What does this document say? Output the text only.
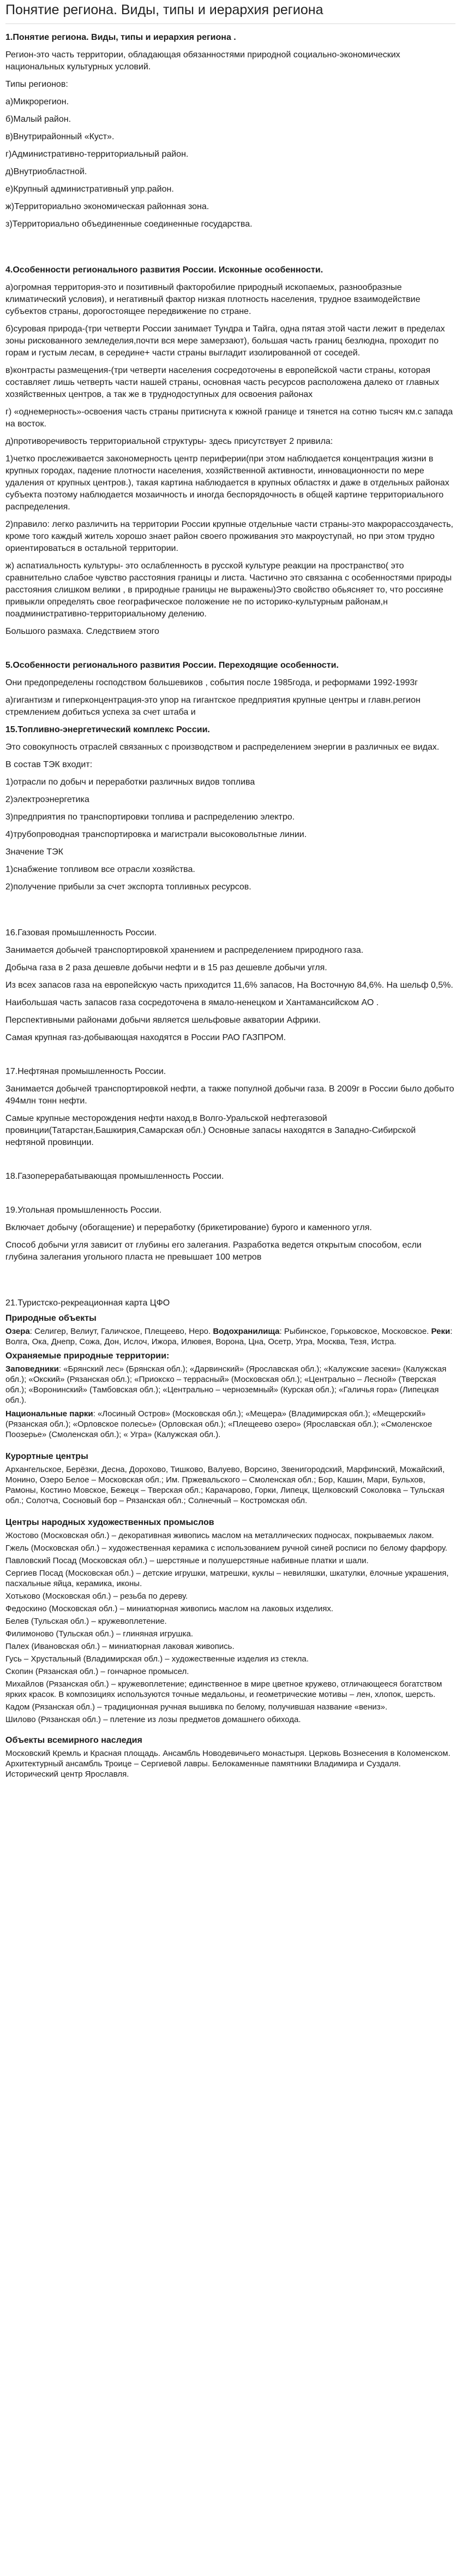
Понятие региона. Виды, типы и иерархия региона

1.Понятие региона. Виды, типы и иерархия региона .

Регион-это часть территории, обладающая обязанностями природной социально-экономических национальных культурных условий.

Типы регионов:

а)Микрорегион.

б)Малый район.

в)Внутрирайонный «Куст».

г)Административно-территориальный район.

д)Внутриобластной.

е)Крупный административный упр.район.

ж)Территориально экономическая районная зона.

з)Территориально объединенные соединенные государства.

4.Особенности регионального развития России. Исконные особенности.

а)огромная территория-это и позитивный факторобилие природный ископаемых, разнообразные климатический условия), и негативный фактор низкая плотность населения, трудное взаимодействие субъектов страны, дорогостоящее передвижение по стране.

б)суровая природа-(три четверти России занимает Тундра и Тайга, одна пятая этой части лежит в пределах зоны рискованного земледелия,почти вся мере замерзают), большая часть границ безлюдна, проходит по горам и густым лесам, в середине+ части страны выгладит изолированной от соседей.

в)контрасты размещения-(три четверти населения сосредоточены в европейской части страны, которая составляет лишь четверть части нашей страны, основная часть ресурсов расположена далеко от главных хозяйственных центров, а так же в труднодоступных для освоения районах

г) «однемерность»-освоения часть страны притиснута к южной границе и тянется на сотню тысяч км.с запада на восток.

д)противоречивость территориальной структуры- здесь присутствует 2 привила:

1)четко прослеживается закономерность центр периферии(при этом наблюдается концентрация жизни в крупных городах, падение плотности населения, хозяйственной активности, инновационности по мере удаления от крупных центров.), такая картина наблюдается в крупных областях и даже в отдельных районах субъекта поэтому наблюдается мозаичность и иногда беспорядочность в общей картине территориального распределения.

2)правило: легко различить на территории России крупные отдельные части страны-это макрорассоздачесть, кроме того каждый житель хорошо знает район своего проживания это макроуступай, но при этом трудно ориентироваться в остальной территории.

ж) аспатиальность культуры- это ослабленность в русской культуре реакции на пространство( это сравнительно слабое чувство расстояния границы и листа. Частично это связанна с особенностями природы расстояния слишком велики , в природные границы не выражены)Это свойство обьясняет то, что россияне привыкли определять свое географическое положение не по историко-культурным районам,н поадминистративно-территориальному делению.

Большого размаха. Следствием этого

5.Особенности регионального развития России. Переходящие особенности.

Они предопределены господством большевиков , события после 1985года, и реформами 1992-1993г

а)гигантизм и гиперконцентрация-это упор на гигантское предприятия крупные центры и главн.регион стремлением добиться успеха за счет штаба и

15.Топливно-энергетический комплекс России.

Это совокупность отраслей связанных с производством и распределением энергии в различных ее видах.

В состав ТЭК входит:

1)отрасли по добыч и переработки различных видов топлива

2)электроэнергетика

3)предприятия по транспортировки топлива и распределению электро.

4)трубопроводная транспортировка и магистрали высоковольтные линии.

Значение ТЭК

1)снабжение топливом все отрасли хозяйства.

2)получение прибыли за счет экспорта топливных ресурсов.

16.Газовая промышленность России.

Занимается добычей транспортировкой хранением и распределением природного газа.

Добыча газа в 2 раза дешевле добычи нефти и в 15 раз дешевле добычи угля.

Из всех запасов газа на европейскую часть приходится 11,6% запасов, На Восточную 84,6%. На шельф 0,5%.

Наибольшая часть запасов газа сосредоточена в ямало-ненецком и Хантамансийском АО .

Перспективными районами добычи является шельфовые акватории Африки.

Самая крупная газ-добывающая находятся в России РАО ГАЗПРОМ.

17.Нефтяная промышленность России.

Занимается добычей транспортировкой нефти, а также популной добычи газа. В 2009г в России было добыто 494млн тонн нефти.

Самые крупные месторождения нефти наход.в Волго-Уральской нефтегазовой провинции(Татарстан,Башкирия,Самарская обл.) Основные запасы находятся в Западно-Сибирской нефтяной провинции.

18.Газоперерабатывающая промышленность России.

19.Угольная промышленность России.

Включает добычу (обогащение) и переработку (брикетирование) бурого и каменного угля.

Способ добычи угля зависит от глубины его залегания. Разработка ведется открытым способом, если глубина залегания угольного пласта не превышает 100 метров

21.Туристско-рекреационная карта ЦФО

Природные объекты

Озера: Селигер, Велиут, Галичское, Плещеево, Неро. Водохранилища: Рыбинское, Горьковское, Московское. Реки: Волга, Ока, Днепр, Сожа, Дон, Ислоч, Ижора, Илювея, Ворона, Цна, Осетр, Угра, Москва, Тезя, Истра.

Охраняемые природные территории:

Заповедники: «Брянский лес» (Брянская обл.); «Дарвинский» (Ярославская обл.); «Калужские засеки» (Калужская обл.); «Окский» (Рязанская обл.); «Приокско – террасный» (Московская обл.); «Центрально – Лесной» (Тверская обл.); «Воронинский» (Тамбовская обл.); «Центрально – черноземный» (Курская обл.); «Галичья гора» (Липецкая обл.).

Национальные парки: «Лосиный Остров» (Московская обл.); «Мещера» (Владимирская обл.); «Мещерский» (Рязанская обл.); «Орловское полесье» (Орловская обл.); «Плещеево озеро» (Ярославская обл.); «Смоленское Поозерье» (Смоленская обл.); « Угра» (Калужская обл.).

Курортные центры

Архангельское, Берёзки, Десна, Дорохово, Тишково, Валуево, Ворсино, Звенигородский, Марфинский, Можайский, Монино, Озеро Белое – Московская обл.; Им. Пржевальского – Смоленская обл.; Бор, Кашин, Мари, Бульхов, Рамоны, Костино Мовское, Бежецк – Тверская обл.; Карачарово, Горки, Липецк, Щелковский Соколовка – Тульская обл.; Солотча, Сосновый бор – Рязанская обл.; Солнечный – Костромская обл.

Центры народных художественных промыслов

Жостово (Московская обл.) – декоративная живопись маслом на металлических подносах, покрываемых лаком.

Гжель (Московская обл.) – художественная керамика с использованием ручной синей росписи по белому фарфору.

Павловский Посад (Московская обл.) – шерстяные и полушерстяные набивные платки и шали.

Сергиев Посад (Московская обл.) – детские игрушки, матрешки, куклы – невиляшки, шкатулки, ёлочные украшения, пасхальные яйца, керамика, иконы.

Хотьково (Московская обл.) – резьба по дереву.

Федоскино (Московская обл.) – миниатюрная живопись маслом на лаковых изделиях.

Белев (Тульская обл.) – кружевоплетение.

Филимоново (Тульская обл.) – глиняная игрушка.

Палех (Ивановская обл.) – миниатюрная лаковая живопись.

Гусь – Хрустальный (Владимирская обл.) – художественные изделия из стекла.

Скопин (Рязанская обл.) – гончарное промысел.

Михайлов (Рязанская обл.) – кружевоплетение; единственное в мире цветное кружево, отличающееся богатством ярких красок. В композициях используются точные медальоны, и геометрические мотивы – лен, хлопок, шерсть.

Кадом (Рязанская обл.) – традиционная ручная вышивка по белому, получившая название «вениз».

Шилово (Рязанская обл.) – плетение из лозы предметов домашнего обихода.

Объекты всемирного наследия

Московский Кремль и Красная площадь. Ансамбль Новодевичьего монастыря. Церковь Вознесения в Коломенском. Архитектурный ансамбль Троице – Сергиевой лавры. Белокаменные памятники Владимира и Суздаля. Исторический центр Ярославля.
